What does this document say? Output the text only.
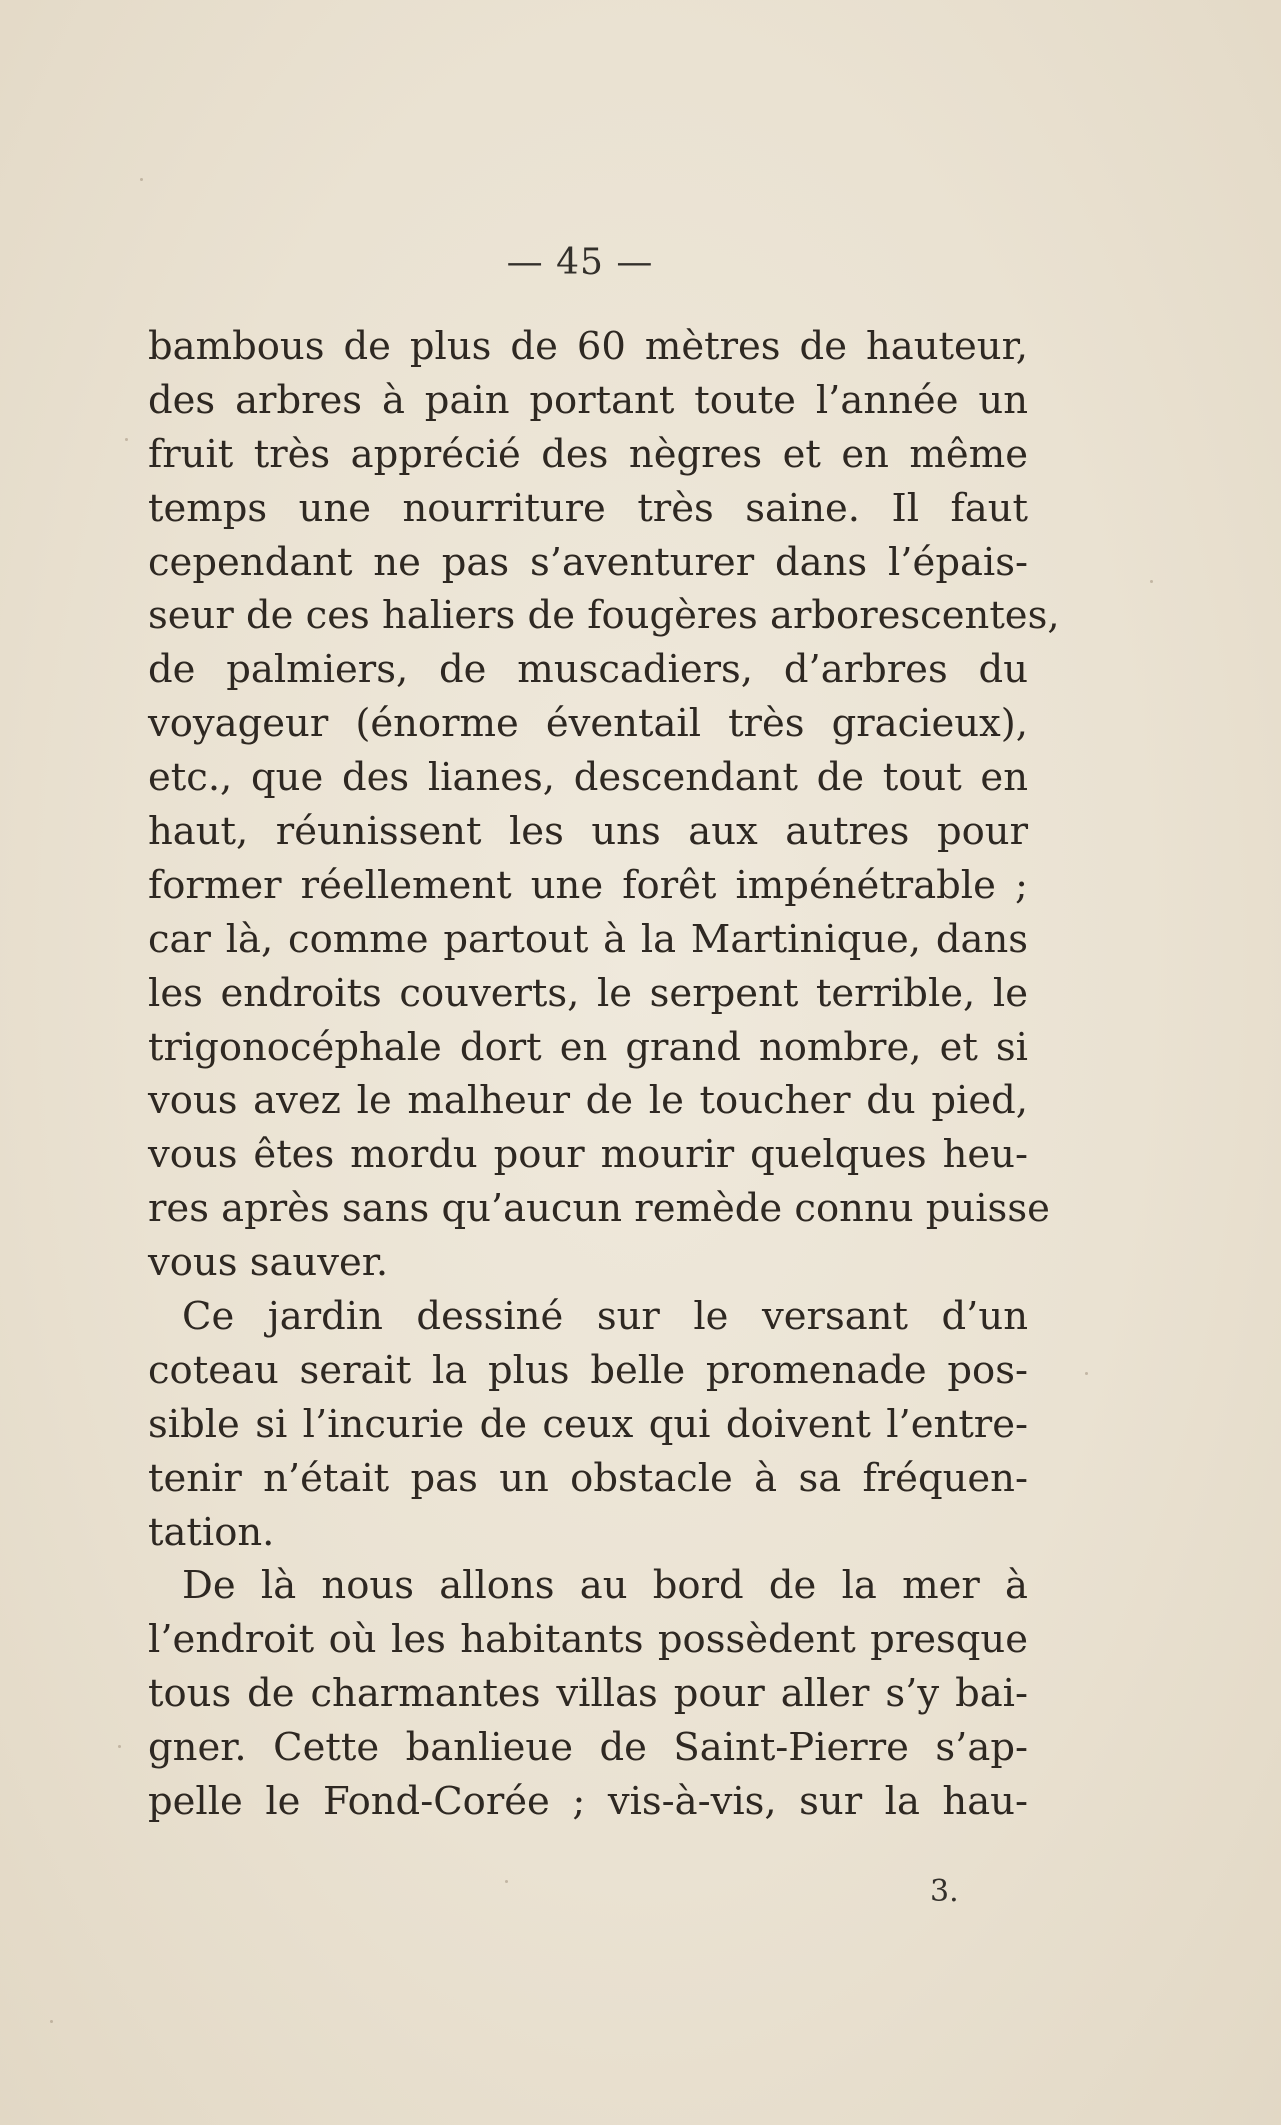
— 45 —
bambous de plus de 60 mètres de hauteur,
des arbres à pain portant toute l’année un
fruit très apprécié des nègres et en même
temps une nourriture très saine. Il faut
cependant ne pas s’aventurer dans l’épais-
seur de ces haliers de fougères arborescentes,
de palmiers, de muscadiers, d’arbres du
voyageur (énorme éventail très gracieux),
etc., que des lianes, descendant de tout en
haut, réunissent les uns aux autres pour
former réellement une forêt impénétrable ;
car là, comme partout à la Martinique, dans
les endroits couverts, le serpent terrible, le
trigonocéphale dort en grand nombre, et si
vous avez le malheur de le toucher du pied,
vous êtes mordu pour mourir quelques heu-
res après sans qu’aucun remède connu puisse
vous sauver.
Ce jardin dessiné sur le versant d’un
coteau serait la plus belle promenade pos-
sible si l’incurie de ceux qui doivent l’entre-
tenir n’était pas un obstacle à sa fréquen-
tation.
De là nous allons au bord de la mer à
l’endroit où les habitants possèdent presque
tous de charmantes villas pour aller s’y bai-
gner. Cette banlieue de Saint-Pierre s’ap-
pelle le Fond-Corée ; vis-à-vis, sur la hau-
3.
